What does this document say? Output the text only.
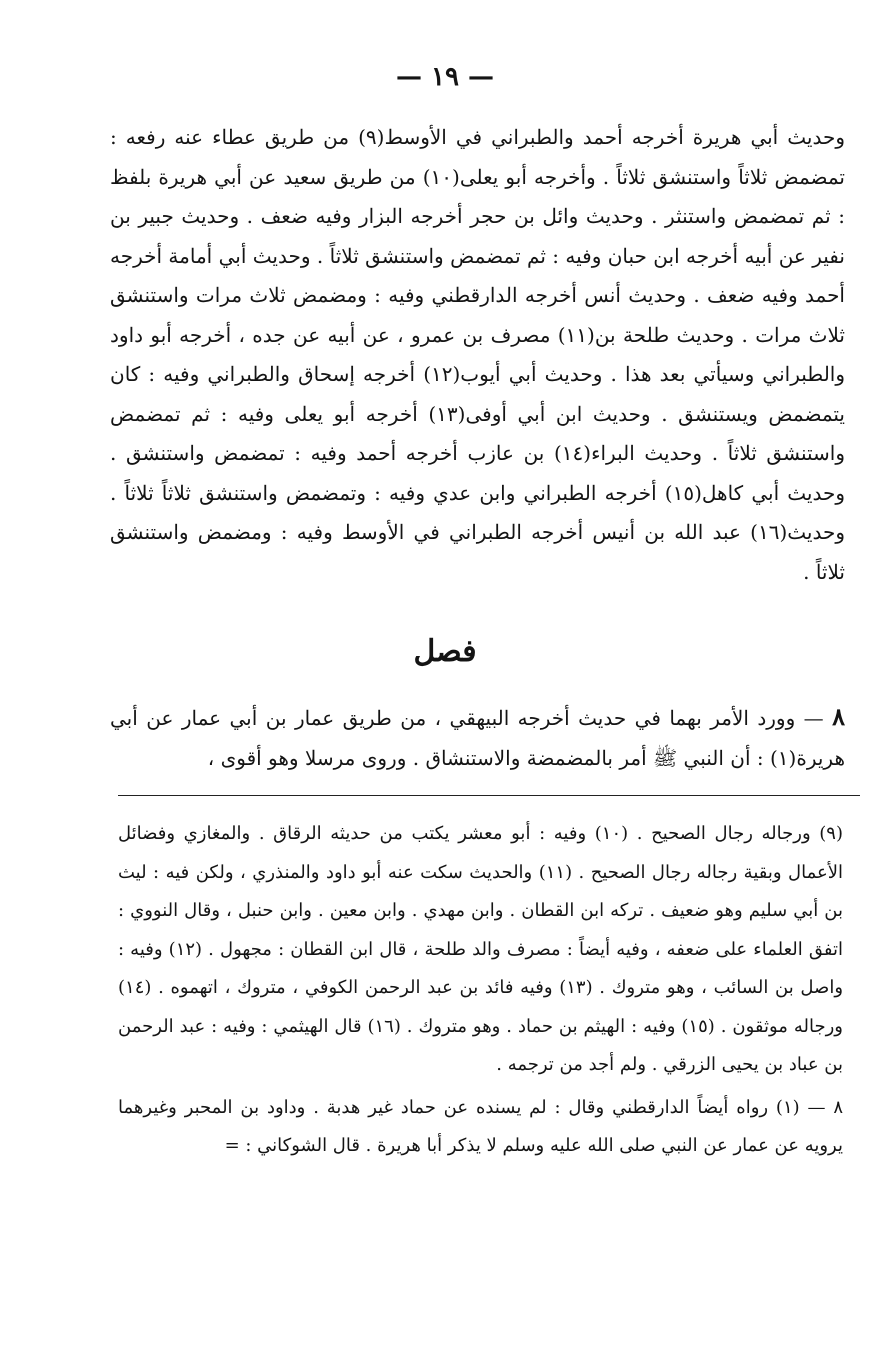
— ١٩ —
وحديث أبي هريرة أخرجه أحمد والطبراني في الأوسط(٩) من طريق عطاء عنه رفعه : تمضمض ثلاثاً واستنشق ثلاثاً . وأخرجه أبو يعلى(١٠) من طريق سعيد عن أبي هريرة بلفظ : ثم تمضمض واستنثر . وحديث وائل بن حجر أخرجه البزار وفيه ضعف . وحديث جبير بن نفير عن أبيه أخرجه ابن حبان وفيه : ثم تمضمض واستنشق ثلاثاً . وحديث أبي أمامة أخرجه أحمد وفيه ضعف . وحديث أنس أخرجه الدارقطني وفيه : ومضمض ثلاث مرات واستنشق ثلاث مرات . وحديث طلحة بن(١١) مصرف بن عمرو ، عن أبيه عن جده ، أخرجه أبو داود والطبراني وسيأتي بعد هذا . وحديث أبي أيوب(١٢) أخرجه إسحاق والطبراني وفيه : كان يتمضمض ويستنشق . وحديث ابن أبي أوفى(١٣) أخرجه أبو يعلى وفيه : ثم تمضمض واستنشق ثلاثاً . وحديث البراء(١٤) بن عازب أخرجه أحمد وفيه : تمضمض واستنشق . وحديث أبي كاهل(١٥) أخرجه الطبراني وابن عدي وفيه : وتمضمض واستنشق ثلاثاً ثلاثاً . وحديث(١٦) عبد الله بن أنيس أخرجه الطبراني في الأوسط وفيه : ومضمض واستنشق ثلاثاً .
فصل
٨ — وورد الأمر بهما في حديث أخرجه البيهقي ، من طريق عمار بن أبي عمار عن أبي هريرة(١) : أن النبي ﷺ أمر بالمضمضة والاستنشاق . وروى مرسلا وهو أقوى ،

(٩) ورجاله رجال الصحيح . (١٠) وفيه : أبو معشر يكتب من حديثه الرقاق . والمغازي وفضائل الأعمال وبقية رجاله رجال الصحيح . (١١) والحديث سكت عنه أبو داود والمنذري ، ولكن فيه : ليث بن أبي سليم وهو ضعيف . تركه ابن القطان . وابن مهدي . وابن معين . وابن حنبل ، وقال النووي : اتفق العلماء على ضعفه ، وفيه أيضاً : مصرف والد طلحة ، قال ابن القطان : مجهول . (١٢) وفيه : واصل بن السائب ، وهو متروك . (١٣) وفيه فائد بن عبد الرحمن الكوفي ، متروك ، اتهموه . (١٤) ورجاله موثقون . (١٥) وفيه : الهيثم بن حماد . وهو متروك . (١٦) قال الهيثمي : وفيه : عبد الرحمن بن عباد بن يحيى الزرقي . ولم أجد من ترجمه .

٨ — (١) رواه أيضاً الدارقطني وقال : لم يسنده عن حماد غير هدبة . وداود بن المحبر وغيرهما يرويه عن عمار عن النبي صلى الله عليه وسلم لا يذكر أبا هريرة . قال الشوكاني : =
